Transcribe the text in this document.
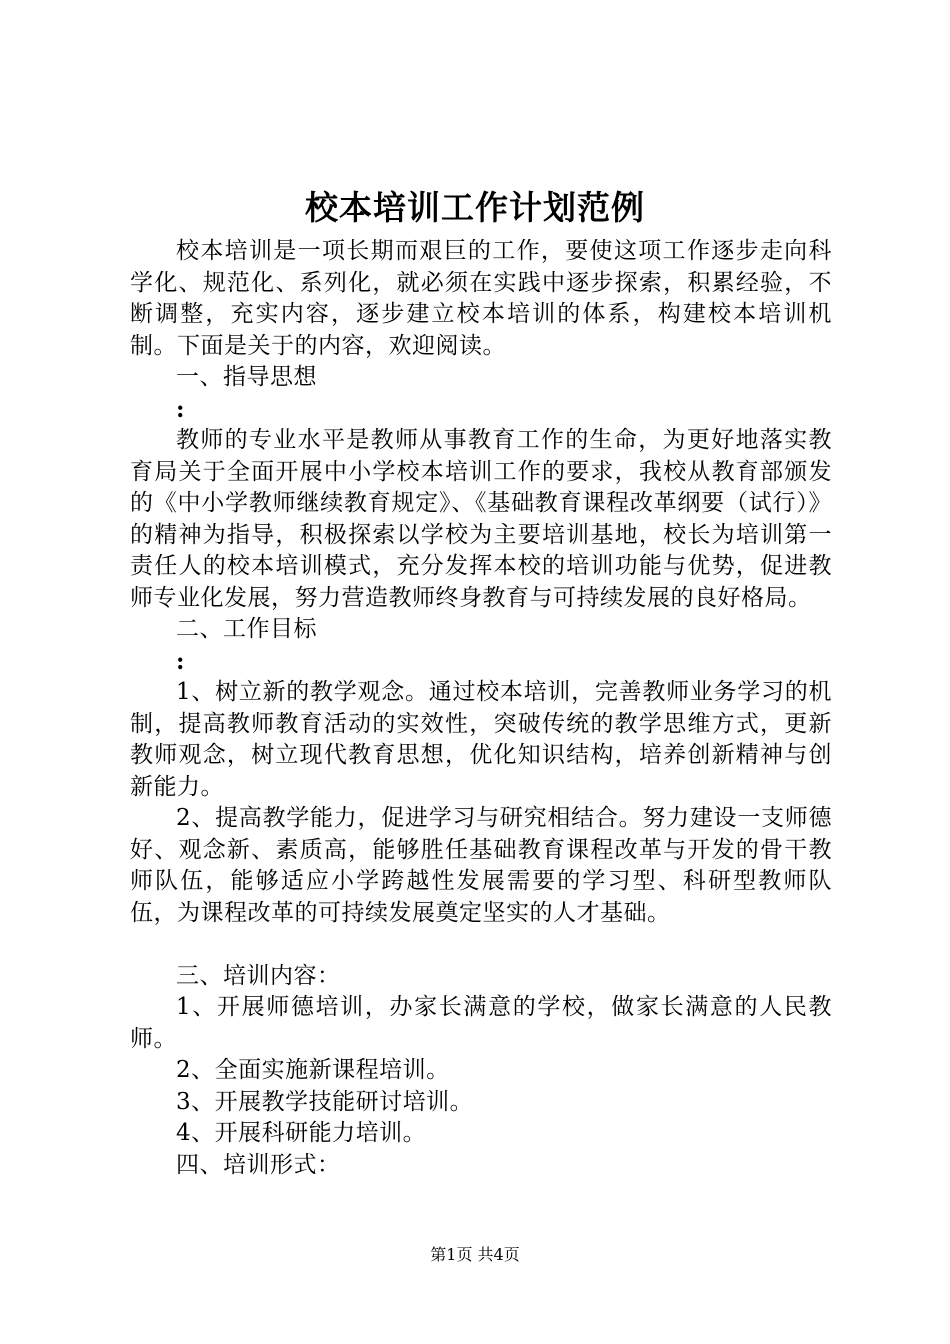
校本培训工作计划范例

校本培训是一项长期而艰巨的工作，要使这项工作逐步走向科学化、规范化、系列化，就必须在实践中逐步探索，积累经验，不断调整，充实内容，逐步建立校本培训的体系，构建校本培训机制。下面是关于的内容，欢迎阅读。

一、指导思想

:

教师的专业水平是教师从事教育工作的生命，为更好地落实教育局关于全面开展中小学校本培训工作的要求，我校从教育部颁发的《中小学教师继续教育规定》、《基础教育课程改革纲要（试行）》的精神为指导，积极探索以学校为主要培训基地，校长为培训第一责任人的校本培训模式，充分发挥本校的培训功能与优势，促进教师专业化发展，努力营造教师终身教育与可持续发展的良好格局。

二、工作目标

:

1、树立新的教学观念。通过校本培训，完善教师业务学习的机制，提高教师教育活动的实效性，突破传统的教学思维方式，更新教师观念，树立现代教育思想，优化知识结构，培养创新精神与创新能力。

2、提高教学能力，促进学习与研究相结合。努力建设一支师德好、观念新、素质高，能够胜任基础教育课程改革与开发的骨干教师队伍，能够适应小学跨越性发展需要的学习型、科研型教师队伍，为课程改革的可持续发展奠定坚实的人才基础。

三、培训内容：

1、开展师德培训，办家长满意的学校，做家长满意的人民教师。

2、全面实施新课程培训。

3、开展教学技能研讨培训。

4、开展科研能力培训。

四、培训形式：

第1页 共4页
